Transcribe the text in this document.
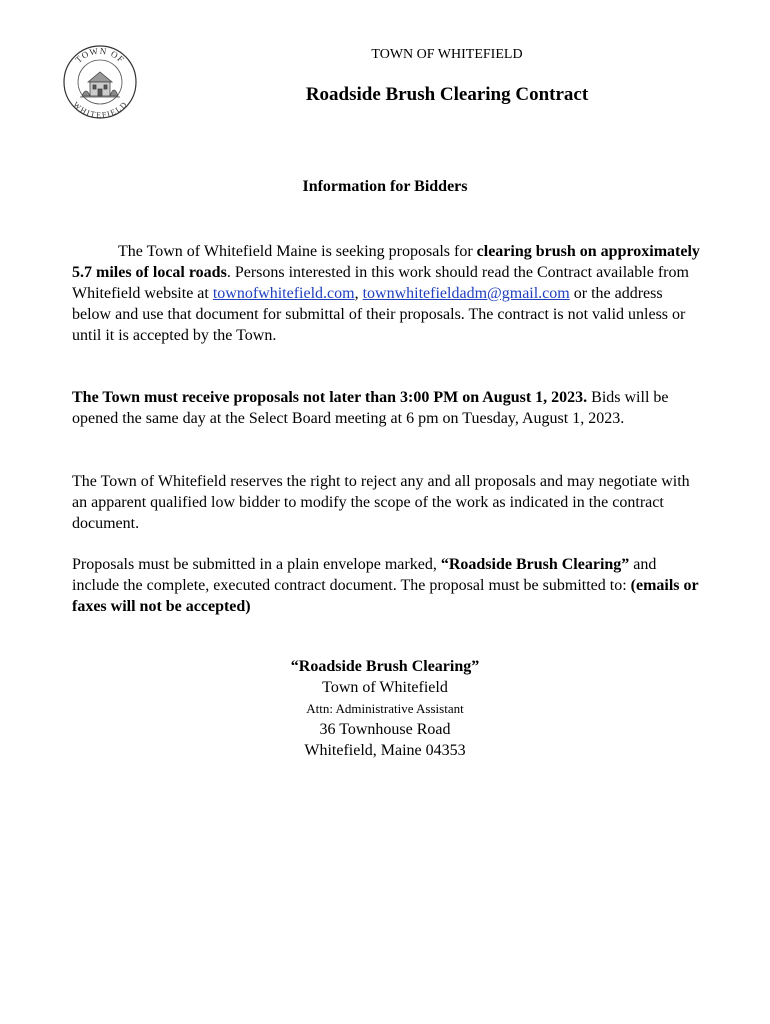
TOWN OF
WHITEFIELD
TOWN OF WHITEFIELD
Roadside Brush Clearing Contract
Information for Bidders

The Town of Whitefield Maine is seeking proposals for clearing brush on approximately 5.7 miles of local roads. Persons interested in this work should read the Contract available from Whitefield website at townofwhitefield.com, townwhitefieldadm@gmail.com or the address below and use that document for submittal of their proposals. The contract is not valid unless or until it is accepted by the Town.

The Town must receive proposals not later than 3:00 PM on August 1, 2023. Bids will be opened the same day at the Select Board meeting at 6 pm on Tuesday, August 1, 2023.

The Town of Whitefield reserves the right to reject any and all proposals and may negotiate with an apparent qualified low bidder to modify the scope of the work as indicated in the contract document.

Proposals must be submitted in a plain envelope marked, “Roadside Brush Clearing” and include the complete, executed contract document. The proposal must be submitted to: (emails or faxes will not be accepted)

“Roadside Brush Clearing”
Town of Whitefield
Attn: Administrative Assistant
36 Townhouse Road
Whitefield, Maine 04353
